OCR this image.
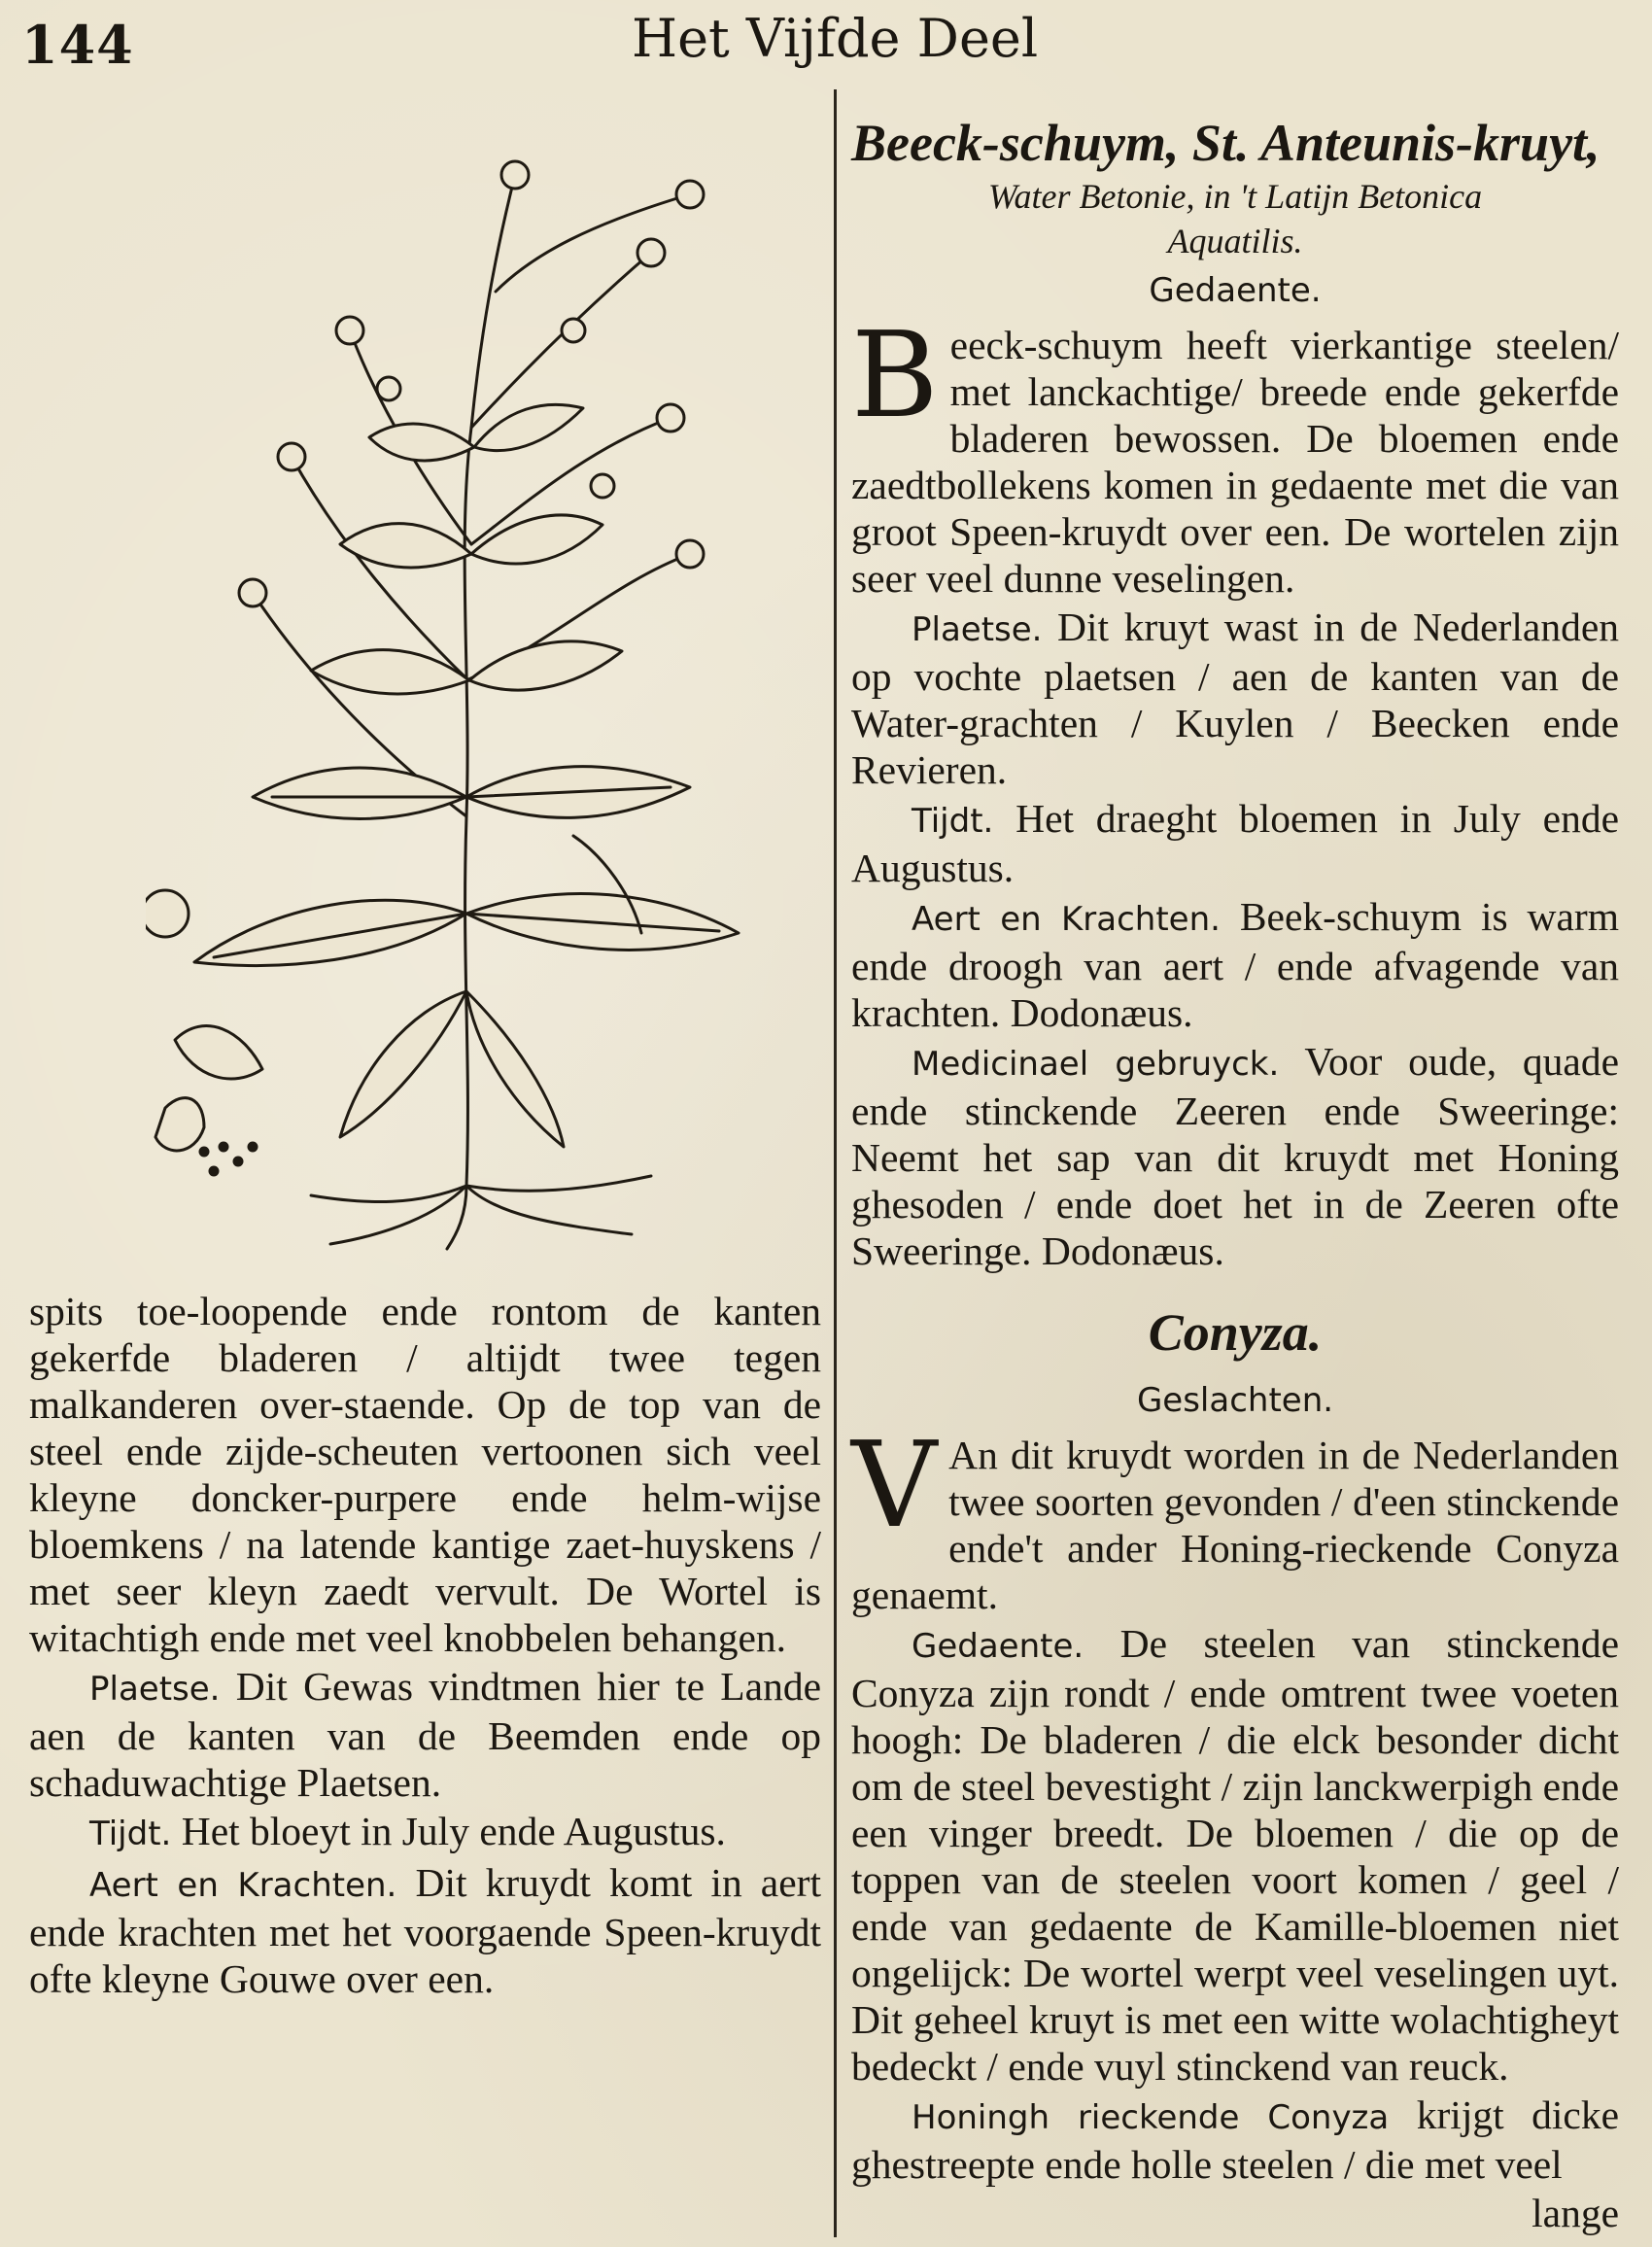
144	Het Vijfde Deel

spits toe-loopende ende rontom de kanten gekerfde bladeren / altijdt twee tegen malkanderen over-staende. Op de top van de steel ende zijde-scheuten vertoonen sich veel kleyne doncker-purpere ende helm-wijse bloemkens / na latende kantige zaet-huyskens / met seer kleyn zaedt vervult. De Wortel is witachtigh ende met veel knobbelen behangen.

Plaetse. Dit Gewas vindtmen hier te Lande aen de kanten van de Beemden ende op schaduwachtige Plaetsen.

Tijdt. Het bloeyt in July ende Augustus.

Aert en Krachten. Dit kruydt komt in aert ende krachten met het voorgaende Speen-kruydt ofte kleyne Gouwe over een.

Beeck-schuym, St. Anteunis-kruyt,

Water Betonie, in 't Latijn Betonica

Aquatilis.

Gedaente.

B eeck-schuym heeft vierkantige steelen/ met lanckachtige/ breede ende gekerfde bladeren bewossen. De bloemen ende zaedtbollekens komen in gedaente met die van groot Speen-kruydt over een. De wortelen zijn seer veel dunne veselingen.

Plaetse. Dit kruyt wast in de Nederlanden op vochte plaetsen / aen de kanten van de Water-grachten / Kuylen / Beecken ende Revieren.

Tijdt. Het draeght bloemen in July ende Augustus.

Aert en Krachten. Beek-schuym is warm ende droogh van aert / ende afvagende van krachten. Dodonæus.

Medicinael gebruyck. Voor oude, quade ende stinckende Zeeren ende Sweeringe: Neemt het sap van dit kruydt met Honing ghesoden / ende doet het in de Zeeren ofte Sweeringe. Dodonæus.

Conyza.

Geslachten.

V An dit kruydt worden in de Nederlanden twee soorten gevonden / d'een stinckende ende't ander Honing-rieckende Conyza genaemt.

Gedaente. De steelen van stinckende Conyza zijn rondt / ende omtrent twee voeten hoogh: De bladeren / die elck besonder dicht om de steel bevestight / zijn lanckwerpigh ende een vinger breedt. De bloemen / die op de toppen van de steelen voort komen / geel / ende van gedaente de Kamille-bloemen niet ongelijck: De wortel werpt veel veselingen uyt. Dit geheel kruyt is met een witte wolachtigheyt bedeckt / ende vuyl stinckend van reuck.

Honingh rieckende Conyza krijgt dicke ghestreepte ende holle steelen / die met veel

lange
